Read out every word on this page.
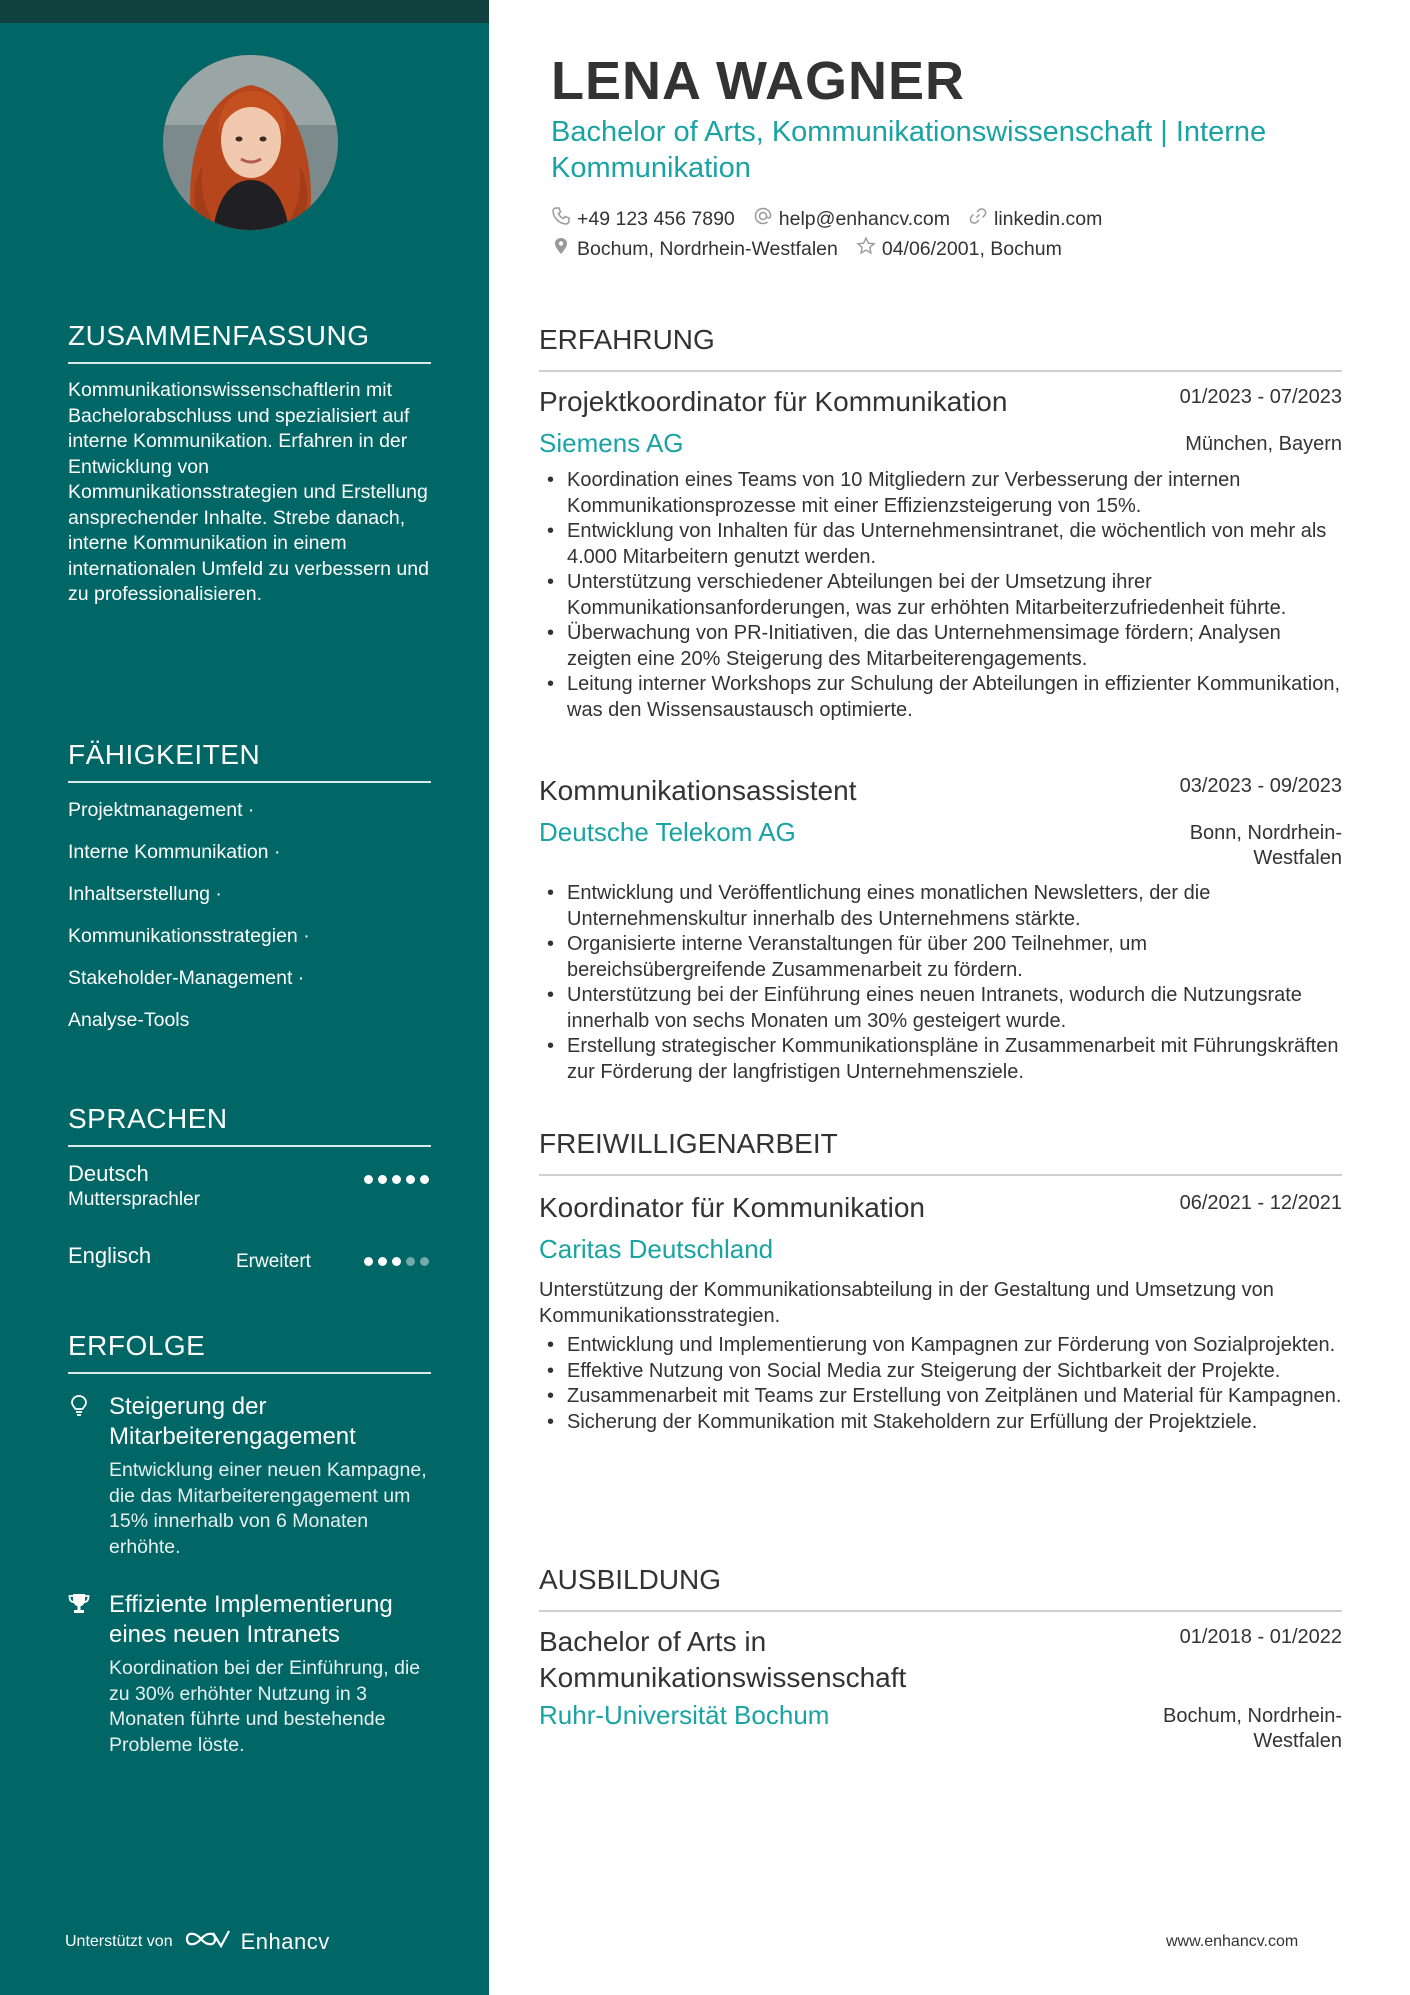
ZUSAMMENFASSUNG
Kommunikationswissenschaftlerin mit Bachelorabschluss und spezialisiert auf interne Kommunikation. Erfahren in der Entwicklung von Kommunikationsstrategien und Erstellung ansprechender Inhalte. Strebe danach, interne Kommunikation in einem internationalen Umfeld zu verbessern und zu professionalisieren.
FÄHIGKEITEN
Projektmanagement ·
Interne Kommunikation ·
Inhaltserstellung ·
Kommunikationsstrategien ·
Stakeholder-Management ·
Analyse-Tools
SPRACHEN
Deutsch
Muttersprachler
Englisch	Erweitert
ERFOLGE
Steigerung der Mitarbeiterengagement
Entwicklung einer neuen Kampagne, die das Mitarbeiterengagement um 15% innerhalb von 6 Monaten erhöhte.
Effiziente Implementierung eines neuen Intranets
Koordination bei der Einführung, die zu 30% erhöhter Nutzung in 3 Monaten führte und bestehende Probleme löste.
Unterstützt von	Enhancv
LENA WAGNER
Bachelor of Arts, Kommunikationswissenschaft | Interne Kommunikation
+49 123 456 7890 help@enhancv.com linkedin.com
Bochum, Nordrhein-Westfalen 04/06/2001, Bochum
ERFAHRUNG
Projektkoordinator für Kommunikation	01/2023 - 07/2023
Siemens AG	München, Bayern
• Koordination eines Teams von 10 Mitgliedern zur Verbesserung der internen Kommunikationsprozesse mit einer Effizienzsteigerung von 15%.
• Entwicklung von Inhalten für das Unternehmensintranet, die wöchentlich von mehr als 4.000 Mitarbeitern genutzt werden.
• Unterstützung verschiedener Abteilungen bei der Umsetzung ihrer Kommunikationsanforderungen, was zur erhöhten Mitarbeiterzufriedenheit führte.
• Überwachung von PR-Initiativen, die das Unternehmensimage fördern; Analysen zeigten eine 20% Steigerung des Mitarbeiterengagements.
• Leitung interner Workshops zur Schulung der Abteilungen in effizienter Kommunikation, was den Wissensaustausch optimierte.
Kommunikationsassistent	03/2023 - 09/2023
Deutsche Telekom AG	Bonn, Nordrhein-
Westfalen
• Entwicklung und Veröffentlichung eines monatlichen Newsletters, der die Unternehmenskultur innerhalb des Unternehmens stärkte.
• Organisierte interne Veranstaltungen für über 200 Teilnehmer, um bereichsübergreifende Zusammenarbeit zu fördern.
• Unterstützung bei der Einführung eines neuen Intranets, wodurch die Nutzungsrate innerhalb von sechs Monaten um 30% gesteigert wurde.
• Erstellung strategischer Kommunikationspläne in Zusammenarbeit mit Führungskräften zur Förderung der langfristigen Unternehmensziele.
FREIWILLIGENARBEIT
Koordinator für Kommunikation	06/2021 - 12/2021
Caritas Deutschland
Unterstützung der Kommunikationsabteilung in der Gestaltung und Umsetzung von Kommunikationsstrategien.
• Entwicklung und Implementierung von Kampagnen zur Förderung von Sozialprojekten.
• Effektive Nutzung von Social Media zur Steigerung der Sichtbarkeit der Projekte.
• Zusammenarbeit mit Teams zur Erstellung von Zeitplänen und Material für Kampagnen.
• Sicherung der Kommunikation mit Stakeholdern zur Erfüllung der Projektziele.
AUSBILDUNG
Bachelor of Arts in Kommunikationswissenschaft
01/2018 - 01/2022
Ruhr-Universität Bochum	Bochum, Nordrhein-
Westfalen
www.enhancv.com
